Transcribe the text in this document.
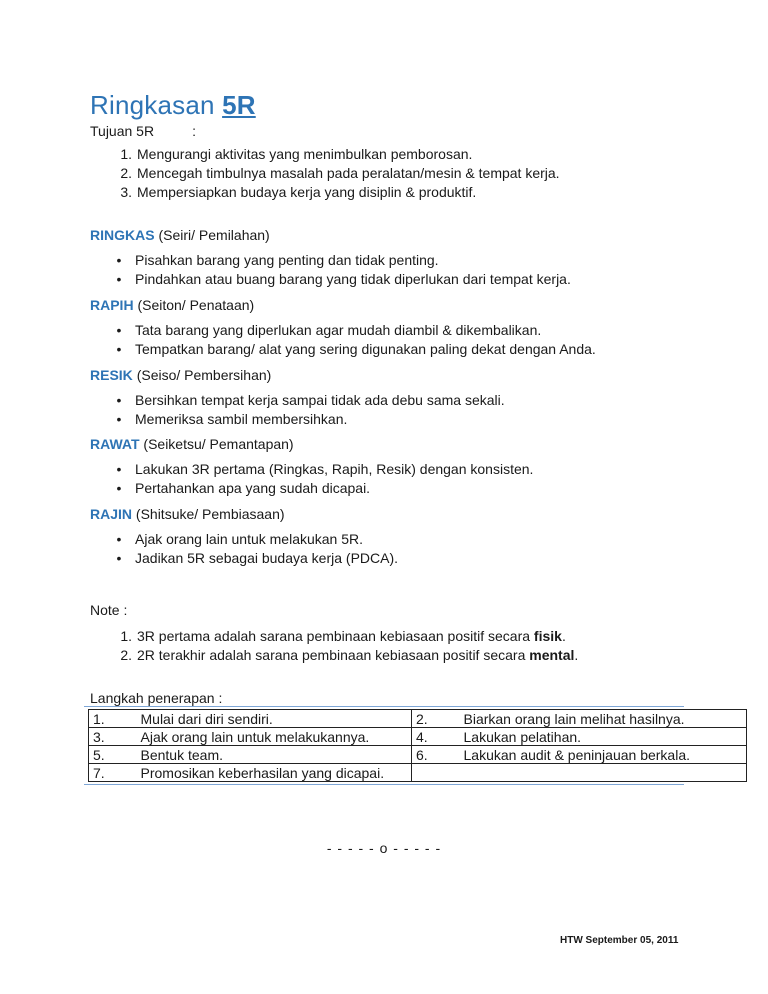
Ringkasan 5R
Tujuan 5R	:
1. Mengurangi aktivitas yang menimbulkan pemborosan.
2. Mencegah timbulnya masalah pada peralatan/mesin & tempat kerja.
3. Mempersiapkan budaya kerja yang disiplin & produktif.
RINGKAS (Seiri/ Pemilahan)
• Pisahkan barang yang penting dan tidak penting.
• Pindahkan atau buang barang yang tidak diperlukan dari tempat kerja.
RAPIH (Seiton/ Penataan)
• Tata barang yang diperlukan agar mudah diambil & dikembalikan.
• Tempatkan barang/ alat yang sering digunakan paling dekat dengan Anda.
RESIK (Seiso/ Pembersihan)
• Bersihkan tempat kerja sampai tidak ada debu sama sekali.
• Memeriksa sambil membersihkan.
RAWAT (Seiketsu/ Pemantapan)
• Lakukan 3R pertama (Ringkas, Rapih, Resik) dengan konsisten.
• Pertahankan apa yang sudah dicapai.
RAJIN (Shitsuke/ Pembiasaan)
• Ajak orang lain untuk melakukan 5R.
• Jadikan 5R sebagai budaya kerja (PDCA).
Note :
1. 3R pertama adalah sarana pembinaan kebiasaan positif secara fisik.
2. 2R terakhir adalah sarana pembinaan kebiasaan positif secara mental.
Langkah penerapan :
1.	Mulai dari diri sendiri.	2.	Biarkan orang lain melihat hasilnya.
3.	Ajak orang lain untuk melakukannya.	4.	Lakukan pelatihan.
5.	Bentuk team.	6.	Lakukan audit & peninjauan berkala.
7.	Promosikan keberhasilan yang dicapai.		
- - - - - o - - - - -
HTW September 05, 2011
